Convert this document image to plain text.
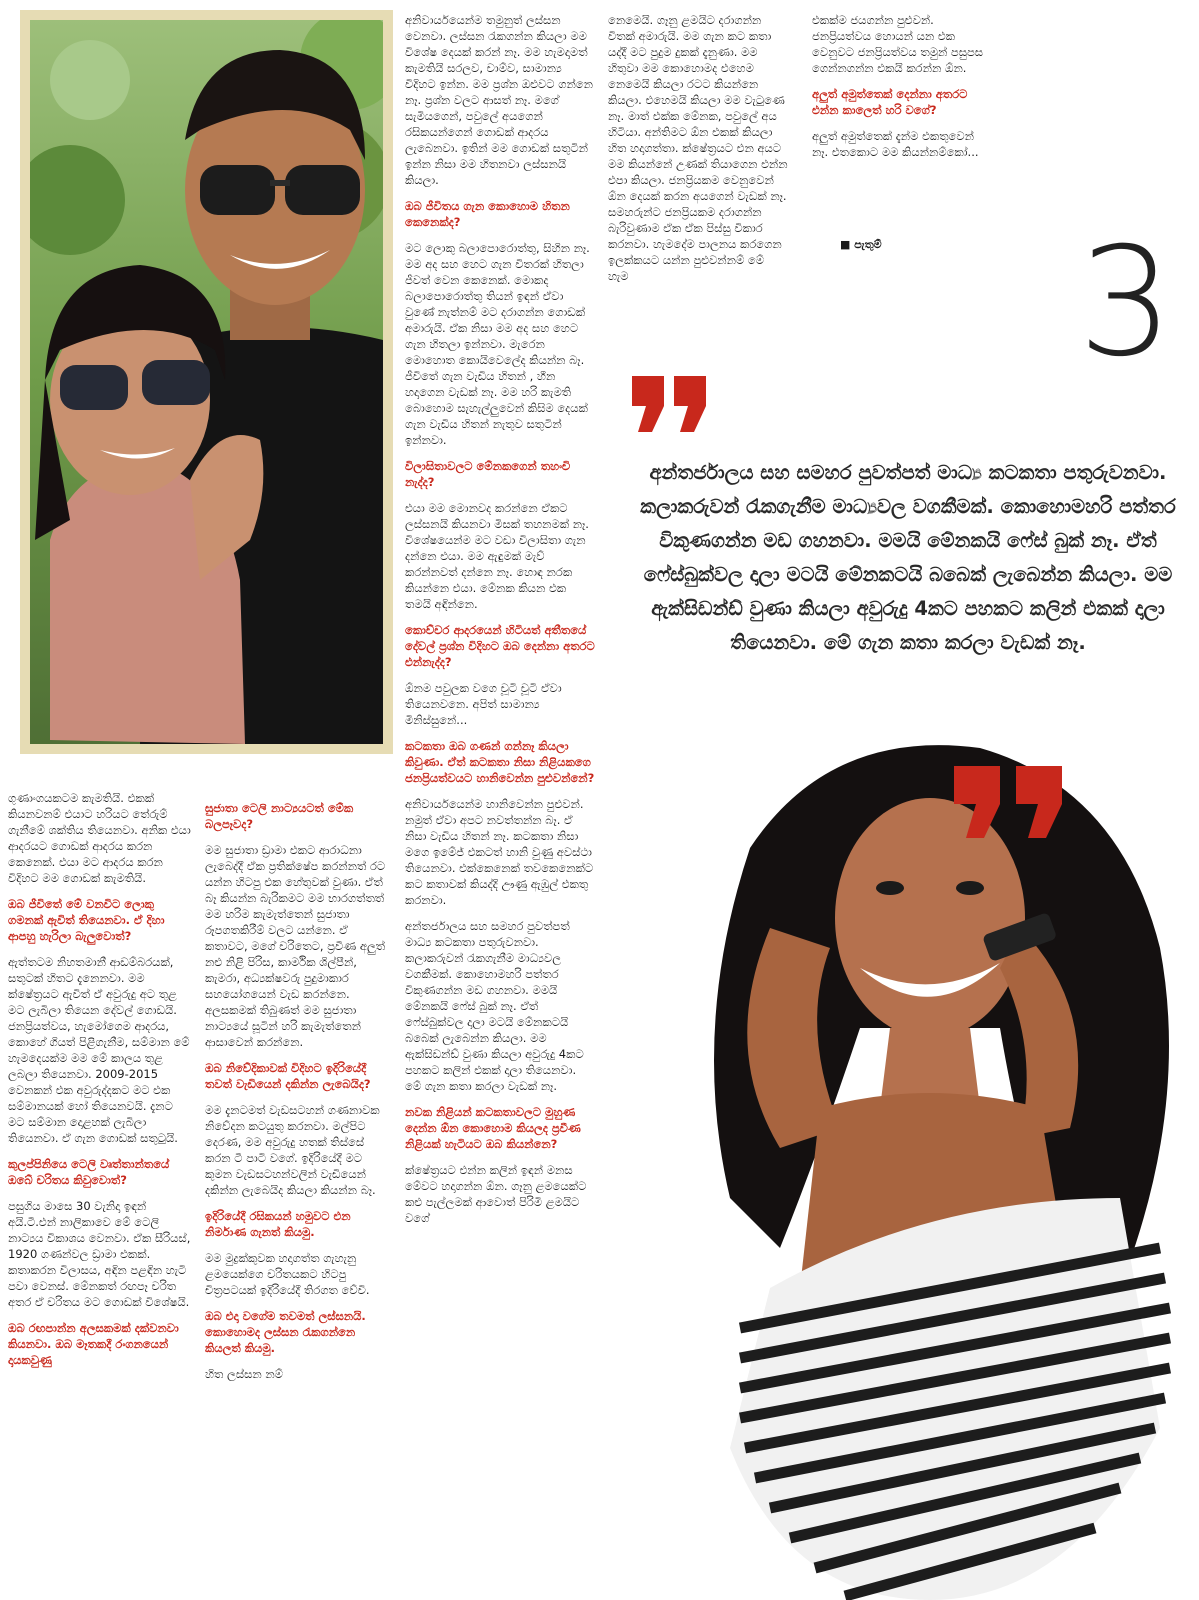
3
අන්තර්ජාලය සහ සමහර පුවත්පත් මාධ්‍ය කටකතා පතුරුවනවා. කලාකරුවන් රැකගැනීම මාධ්‍යවල වගකීමක්. කොහොමහරි පත්තර විකුණගන්න මඩ ගහනවා. මමයි මේනකයි ෆේස් බුක් නෑ. ඒත් ෆේස්බුක්වල දාලා මටයි මේනකටයි බබෙක් ලැබෙන්න කියලා. මම ඇක්සිඩන්ඩ් වුණා කියලා අවුරුදු 4කට පහකට කලින් එකක් දාලා තියෙනවා. මේ ගැන කතා කරලා වැඩක් නෑ.
■ පැතුම්

අනිවාර්යයෙන්ම තමුනුත් ලස්සන වෙනවා. ලස්සන රැකගන්න කියලා මම විශේෂ දෙයක් කරන් නෑ. මම හැමදාමත් කැමතියි සරලව, චාම්ව, සාමාන්‍ය විදිහට ඉන්න. මම ප්‍රශ්න ඔළුවට ගන්නෙ නෑ. ප්‍රශ්න වලට ආසත් නෑ. මගේ සැමියගෙන්, පවුලේ අයගෙන් රසිකයන්ගෙන් ගොඩක් ආදරය ලැබෙනවා. ඉතින් මම ගොඩක් සතුටින් ඉන්න නිසා මම හිතනවා ලස්සනයි කියලා.

ඔබ ජීවිතය ගැන කොහොම හිතන කෙනෙක්ද?

මට ලොකු බලාපොරොත්තු, සිහින නෑ. මම අද සහ හෙට ගැන විතරක් හිතලා ජීවත් වෙන කෙනෙක්. මොකද බලාපොරොත්තු තියන් ඉඳන් ඒවා වුණේ නැත්නම් මට දරාගන්න ගොඩක් අමාරුයි. ඒක නිසා මම අද සහ හෙට ගැන හිතලා ඉන්නවා. මැරෙන මොහොත කොයිවෙලේද කියන්න බෑ. ජීවිතේ ගැන වැඩිය හිතන් , හීන හදාගෙන වැඩක් නෑ. මම හරි කැමති බොහොම සැහැල්ලුවෙන් කිසිම දෙයක් ගැන වැඩිය හිතන් නැතුව සතුටින් ඉන්නවා.

විලාසිතාවලට මේනකගෙන් තහංචි නැද්ද?

එයා මම මොනවද කරන්නෙ ඒකට ලස්සනයි කියනවා මිසක් තහනමක් නෑ. විශේෂයෙන්ම මට වඩා විලාසිතා ගැන දන්නෙ එයා. මම ඇඳුමක් මැව් කරන්නවත් දන්නෙ නෑ. හොඳ නරක කියන්නෙ එයා. මේනක කියන එක තමයි අඳින්නෙ.

කොච්චර ආදරයෙන් හිටියත් අතීතයේ දේවල් ප්‍රශ්න විදිහට ඔබ දෙන්නා අතරට එන්නැද්ද?

ඕනම පවුලක වගෙ චූටි චූටි ඒවා තියෙනවනෙ. අපිත් සාමාන්‍ය මිනිස්සුනේ...

කටකතා ඔබ ගණන් ගන්නෑ කියලා කිවුණා. ඒත් කටකතා නිසා නිළියකගෙ ජනප්‍රියත්වයට හානිවෙන්න පුළුවන්නේ?

අනිවාර්යයෙන්ම හානිවෙන්න පුළුවන්. නමුත් ඒවා අපට නවත්තන්න බෑ. ඒ නිසා වැඩිය හිතන් නෑ. කටකතා නිසා මගෙ ඉමේජ් එකටත් හානි වුණු අවස්ථා තියෙනවා. එක්කෙනෙක් තවකෙනෙක්ට කට කතාවක් කියද්දි ඌණු ඇඹුල් එකතු කරනවා.

අන්තර්ජාලය සහ සමහර පුවත්පත් මාධ්‍ය කටකතා පතුරුවනවා. කලාකරුවන් රැකගැනීම මාධ්‍යවල වගකීමක්. කොහොමහරි පත්තර විකුණගන්න මඩ ගහනවා. මමයි මේනකයි ෆේස් බුක් නෑ. ඒත් ෆේස්බුක්වල දාලා මටයි මේනකටයි බබෙක් ලැබෙන්න කියලා. මම ඇක්සිඩන්ඩ් වුණා කියලා අවුරුදු 4කට පහකට කලින් එකක් දාලා තියෙනවා. මේ ගැන කතා කරලා වැඩක් නෑ.

නවක නිළියන් කටකතාවලට මුහුණ දෙන්න ඕන කොහොම කියලද ප්‍රවීණ නිළියක් හැටියට ඔබ කියන්නෙ?

ක්ෂේත්‍රයට එන්න කලින් ඉඳන් මනස මේවට හදාගන්න ඕන. ගෑනු ළමයෙක්ට කළු පැල්ලමක් ආවොත් පිරිමි ළමයිට වගේ

නෙමෙයි. ගෑනු ළමයිට දරාගන්න විතක් අමාරුයි. මම ගැන කට කතා යද්දී මට පුදුම දුකක් දැනුණා. මම හිතුවා මම කොහොමද එහෙම නෙමෙයි කියලා රටට කියන්නෙ කියලා. එහෙමයි කියලා මම වැටුණෙ නෑ. මාත් එක්ක මේනක, පවුලේ අය හිටියා. අන්තිමට ඕන එකක් කියලා හිත හදාගත්තා. ක්ෂේත්‍රයට එන අයට මම කියන්නේ උණක් තියාගෙන එන්න එපා කියලා. ජනප්‍රියකම වෙනුවෙන් ඕන දෙයක් කරන අයගෙන් වැඩක් නෑ. සමහරුන්ට ජනප්‍රියකම දරාගන්න බැරිවුණාම ඒක ඒක පිස්සු විකාර කරනවා. හැමදේම පාලනය කරගෙන ඉලක්කයට යන්න පුළුවන්නම් මේ හැම

එකක්ම ජයගන්න පුළුවන්. ජනප්‍රියත්වය හොයන් යන එක වෙනුවට ජනප්‍රියත්වය තමුන් පසුපස ගෙන්නගන්න එකයි කරන්න ඕන.

අලුත් අමුත්තෙක් දෙන්නා අතරට එන්න කාලෙත් හරි වගේ?

අලුත් අමුත්තෙක් දැන්ම එකතුවෙන් නෑ. එතකොට මම කියන්නම්කෝ...

ගුණාංගයකටම කැමතියි. එකක් කියනවනම් එයාට හරියට තේරුම් ගැනීමේ ශක්තිය තියෙනවා. අනික එයා ආදරයට ගොඩක් ආදරය කරන කෙනෙක්. එයා මට ආදරය කරන විදිහට මම ගොඩක් කැමතියි.

ඔබ ජීවිතේ මේ වනවිට ලොකු ගමනක් ඇවිත් තියෙනවා. ඒ දිහා ආපහු හැරිලා බැලුවොත්?

ඇත්තටම නිහතමානී ආඩම්බරයක්, සතුටක් හිතට දැනෙනවා. මම ක්ෂේත්‍රයට ඇවිත් ඒ අවුරුදු අට තුළ මට ලැබිලා තියෙන දේවල් ගොඩයි. ජනප්‍රියත්වය, හැමෝගෙම ආදරය, කොහේ ගියත් පිළිගැනීම, සම්මාන මේ හැමදෙයක්ම මම මේ කාලය තුළ ලබලා තියෙනවා. 2009-2015 වෙනකන් එක අවුරුද්දකට මට එක සම්මානයක් හෝ තියෙනවයි. දැනට මට සම්මාන දොළහක් ලැබිලා තියෙනවා. ඒ ගැන ගොඩක් සතුටුයි.

කුලප්පිනියෙ ටෙලි වෘත්තාන්තයේ ඔබේ චරිතය කිවුවොත්?

පසුගිය මාසෙ 30 වැනිදා ඉඳන් අයි.ටී.එන් නාලිකාවෙ මේ ටෙලි නාට්‍යය විකාශය වෙනවා. ඒක සීරියස්, 1920 ගණන්වල ඩ්‍රාමා එකක්. කතාකරන විලාසය, අඳින පළඳින හැටි පවා වෙනස්. මේනකත් රඟපෑ චරිත අතර ඒ චරිතය මට ගොඩක් විශේෂයි.

ඔබ රඟපාන්න අලසකමක් දක්වනවා කියනවා. ඔබ මෑතකදී රංගනයෙන් දායකවුණු

සුජාතා ටෙලි නාට්‍යයටත් මේක බලපෑවද?

මම සුජාතා ඩ්‍රාමා එකට ආරාධනා ලැබෙද්දී ඒක ප්‍රතික්ෂේප කරන්නත් රට යන්න හිටපු එක හේතුවක් වුණා. ඒත් බෑ කියන්න බැරිකමට මම භාරගත්තත් මම හරිම කැමැත්තෙන් සුජාතා රූපගතකිරීම් වලට යන්නෙ. ඒ කතාවට, මගේ චරිතෙට, ප්‍රවීණ අලුත් නළු නිළි පිරිස, කාර්මික ශිල්පීන්, කැමරා, අධ්‍යක්ෂවරු පුදුමාකාර සහයෝගයෙන් වැඩ කරන්නෙ. අලසකමක් තිබුණත් මම සුජාතා නාට්‍යයේ සූටින් හරි කැමැත්තෙන් ආසාවෙන් කරන්නෙ.

ඔබ නිවේදිකාවක් විදිහට ඉදිරියේදී තවත් වැඩියෙන් දකින්න ලැබෙයිද?

මම දැනටමත් වැඩසටහන් ගණනාවක නිවේදන කටයුතු කරනවා. මල්පිට දෙරණ, මම අවුරුදු හතක් තිස්සේ කරන ටී පාටි වගේ. ඉදිරියේදී මට කුමන වැඩසටහන්වලින් වැඩියෙන් දකින්න ලැබෙයිද කියලා කියන්න බෑ.

ඉදිරියේදී රසිකයන් හමුවට එන නිර්මාණ ගැනත් කියමු.

මම මුද්‍රක්කුවක හදාගත්ත ගැහැනු ළමයෙක්ගෙ චරිතයකට හිටපු චිත්‍රපටයක් ඉදිරියේදී තිරගත වේවි.

ඔබ එදා වගේම තවමත් ලස්සනයි. කොහොමද ලස්සන රැකගන්නෙ කියලත් කියමු.

හිත ලස්සන නම්
